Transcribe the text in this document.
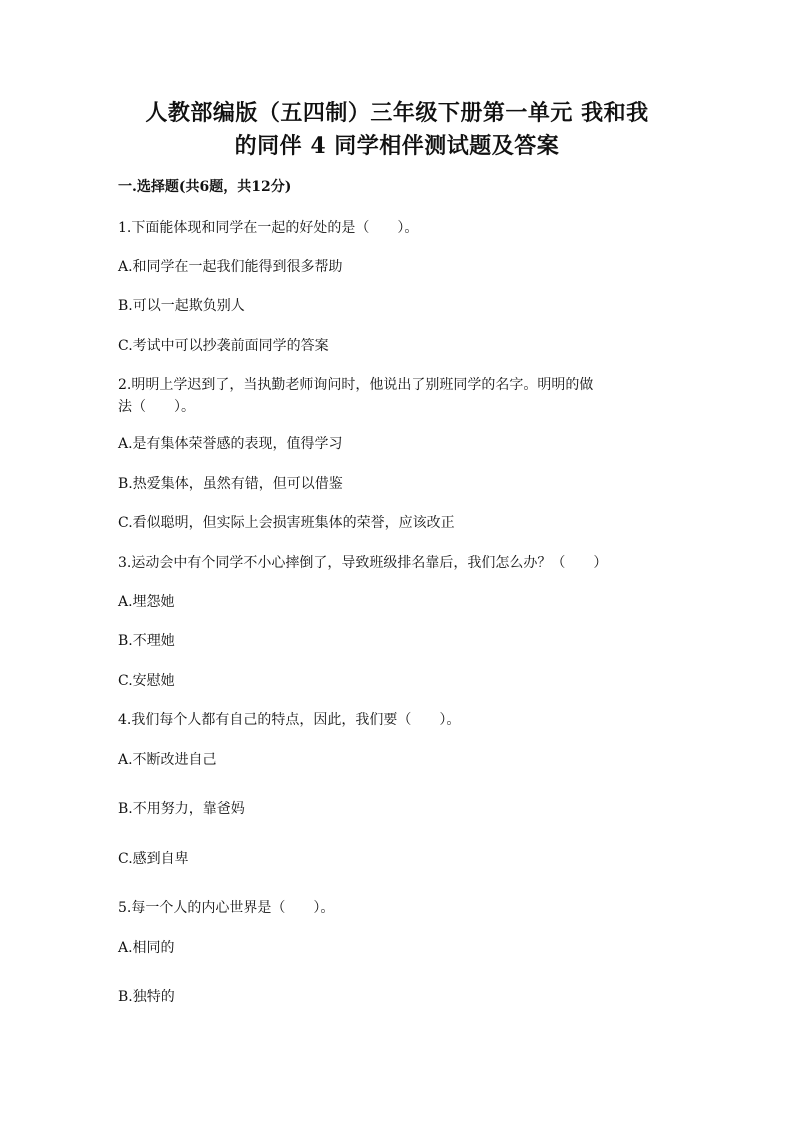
人教部编版（五四制）三年级下册第一单元 我和我
的同伴 4 同学相伴测试题及答案
一.选择题(共6题，共12分)
1.下面能体现和同学在一起的好处的是（　　）。
A.和同学在一起我们能得到很多帮助
B.可以一起欺负别人
C.考试中可以抄袭前面同学的答案
2.明明上学迟到了，当执勤老师询问时，他说出了别班同学的名字。明明的做
法（　　）。
A.是有集体荣誉感的表现，值得学习
B.热爱集体，虽然有错，但可以借鉴
C.看似聪明，但实际上会损害班集体的荣誉，应该改正
3.运动会中有个同学不小心摔倒了，导致班级排名靠后，我们怎么办？（　　）
A.埋怨她
B.不理她
C.安慰她
4.我们每个人都有自己的特点，因此，我们要（　　）。
A.不断改进自己
B.不用努力，靠爸妈
C.感到自卑
5.每一个人的内心世界是（　　）。
A.相同的
B.独特的
